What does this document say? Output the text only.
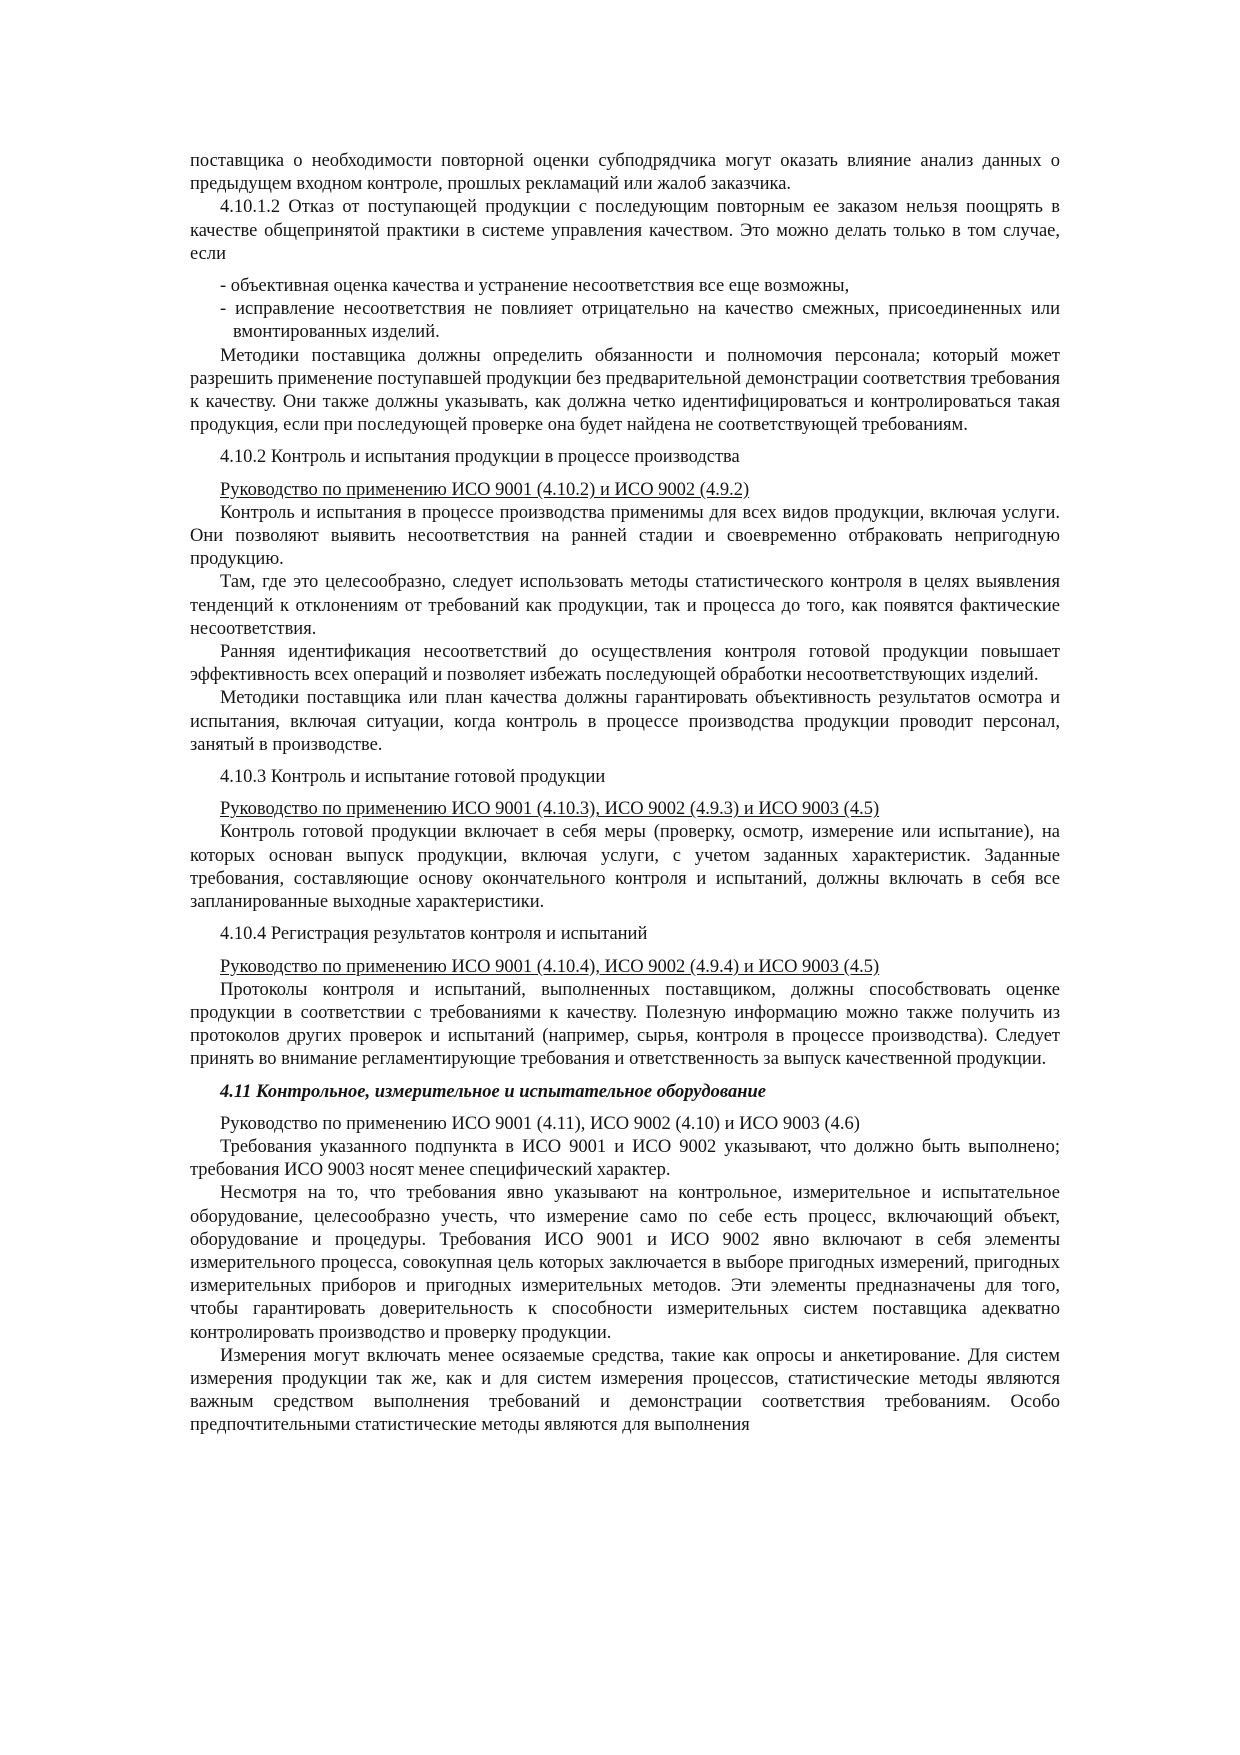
поставщика о необходимости повторной оценки субподрядчика могут оказать влияние анализ данных о предыдущем входном контроле, прошлых рекламаций или жалоб заказчика.

4.10.1.2 Отказ от поступающей продукции с последующим повторным ее заказом нельзя поощрять в качестве общепринятой практики в системе управления качеством. Это можно делать только в том случае, если

- объективная оценка качества и устранение несоответствия все еще возможны,

- исправление несоответствия не повлияет отрицательно на качество смежных, присоединенных или вмонтированных изделий.

Методики поставщика должны определить обязанности и полномочия персонала; который может разрешить применение поступавшей продукции без предварительной демонстрации соответствия требования к качеству. Они также должны указывать, как должна четко идентифицироваться и контролироваться такая продукция, если при последующей проверке она будет найдена не соответствующей требованиям.

4.10.2 Контроль и испытания продукции в процессе производства

Руководство по применению ИСО 9001 (4.10.2) и ИСО 9002 (4.9.2)

Контроль и испытания в процессе производства применимы для всех видов продукции, включая услуги. Они позволяют выявить несоответствия на ранней стадии и своевременно отбраковать непригодную продукцию.

Там, где это целесообразно, следует использовать методы статистического контроля в целях выявления тенденций к отклонениям от требований как продукции, так и процесса до того, как появятся фактические несоответствия.

Ранняя идентификация несоответствий до осуществления контроля готовой продукции повышает эффективность всех операций и позволяет избежать последующей обработки несоответствующих изделий.

Методики поставщика или план качества должны гарантировать объективность результатов осмотра и испытания, включая ситуации, когда контроль в процессе производства продукции проводит персонал, занятый в производстве.

4.10.3 Контроль и испытание готовой продукции

Руководство по применению ИСО 9001 (4.10.3), ИСО 9002 (4.9.3) и ИСО 9003 (4.5)

Контроль готовой продукции включает в себя меры (проверку, осмотр, измерение или испытание), на которых основан выпуск продукции, включая услуги, с учетом заданных характеристик. Заданные требования, составляющие основу окончательного контроля и испытаний, должны включать в себя все запланированные выходные характеристики.

4.10.4 Регистрация результатов контроля и испытаний

Руководство по применению ИСО 9001 (4.10.4), ИСО 9002 (4.9.4) и ИСО 9003 (4.5)

Протоколы контроля и испытаний, выполненных поставщиком, должны способствовать оценке продукции в соответствии с требованиями к качеству. Полезную информацию можно также получить из протоколов других проверок и испытаний (например, сырья, контроля в процессе производства). Следует принять во внимание регламентирующие требования и ответственность за выпуск качественной продукции.

4.11 Контрольное, измерительное и испытательное оборудование

Руководство по применению ИСО 9001 (4.11), ИСО 9002 (4.10) и ИСО 9003 (4.6)

Требования указанного подпункта в ИСО 9001 и ИСО 9002 указывают, что должно быть выполнено; требования ИСО 9003 носят менее специфический характер.

Несмотря на то, что требования явно указывают на контрольное, измерительное и испытательное оборудование, целесообразно учесть, что измерение само по себе есть процесс, включающий объект, оборудование и процедуры. Требования ИСО 9001 и ИСО 9002 явно включают в себя элементы измерительного процесса, совокупная цель которых заключается в выборе пригодных измерений, пригодных измерительных приборов и пригодных измерительных методов. Эти элементы предназначены для того, чтобы гарантировать доверительность к способности измерительных систем поставщика адекватно контролировать производство и проверку продукции.

Измерения могут включать менее осязаемые средства, такие как опросы и анкетирование. Для систем измерения продукции так же, как и для систем измерения процессов, статистические методы являются важным средством выполнения требований и демонстрации соответствия требованиям. Особо предпочтительными статистические методы являются для выполнения
